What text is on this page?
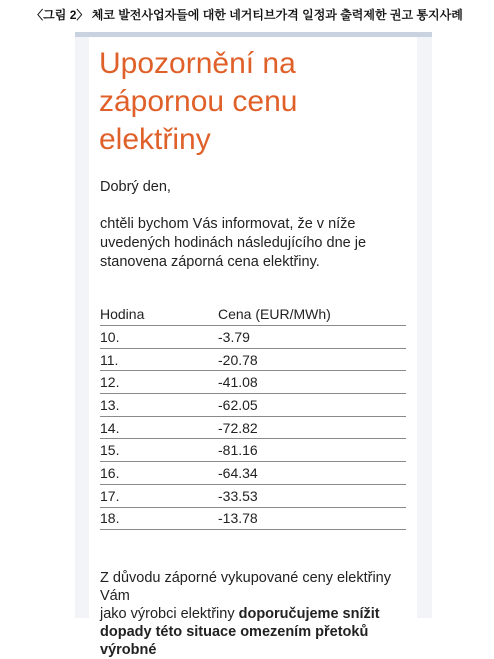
〈그림 2〉 체코 발전사업자들에 대한 네거티브가격 일정과 출력제한 권고 통지사례
Upozornění na zápornou cenu elektřiny
Dobrý den,
chtěli bychom Vás informovat, že v níže uvedených hodinách následujícího dne je stanovena záporná cena elektřiny.
Hodina	Cena (EUR/MWh)
10.	-3.79
11.	-20.78
12.	-41.08
13.	-62.05
14.	-72.82
15.	-81.16
16.	-64.34
17.	-33.53
18.	-13.78
Z důvodu záporné vykupované ceny elektřiny Vám
jako výrobci elektřiny doporučujeme snížit
dopady této situace omezením přetoků výrobné
